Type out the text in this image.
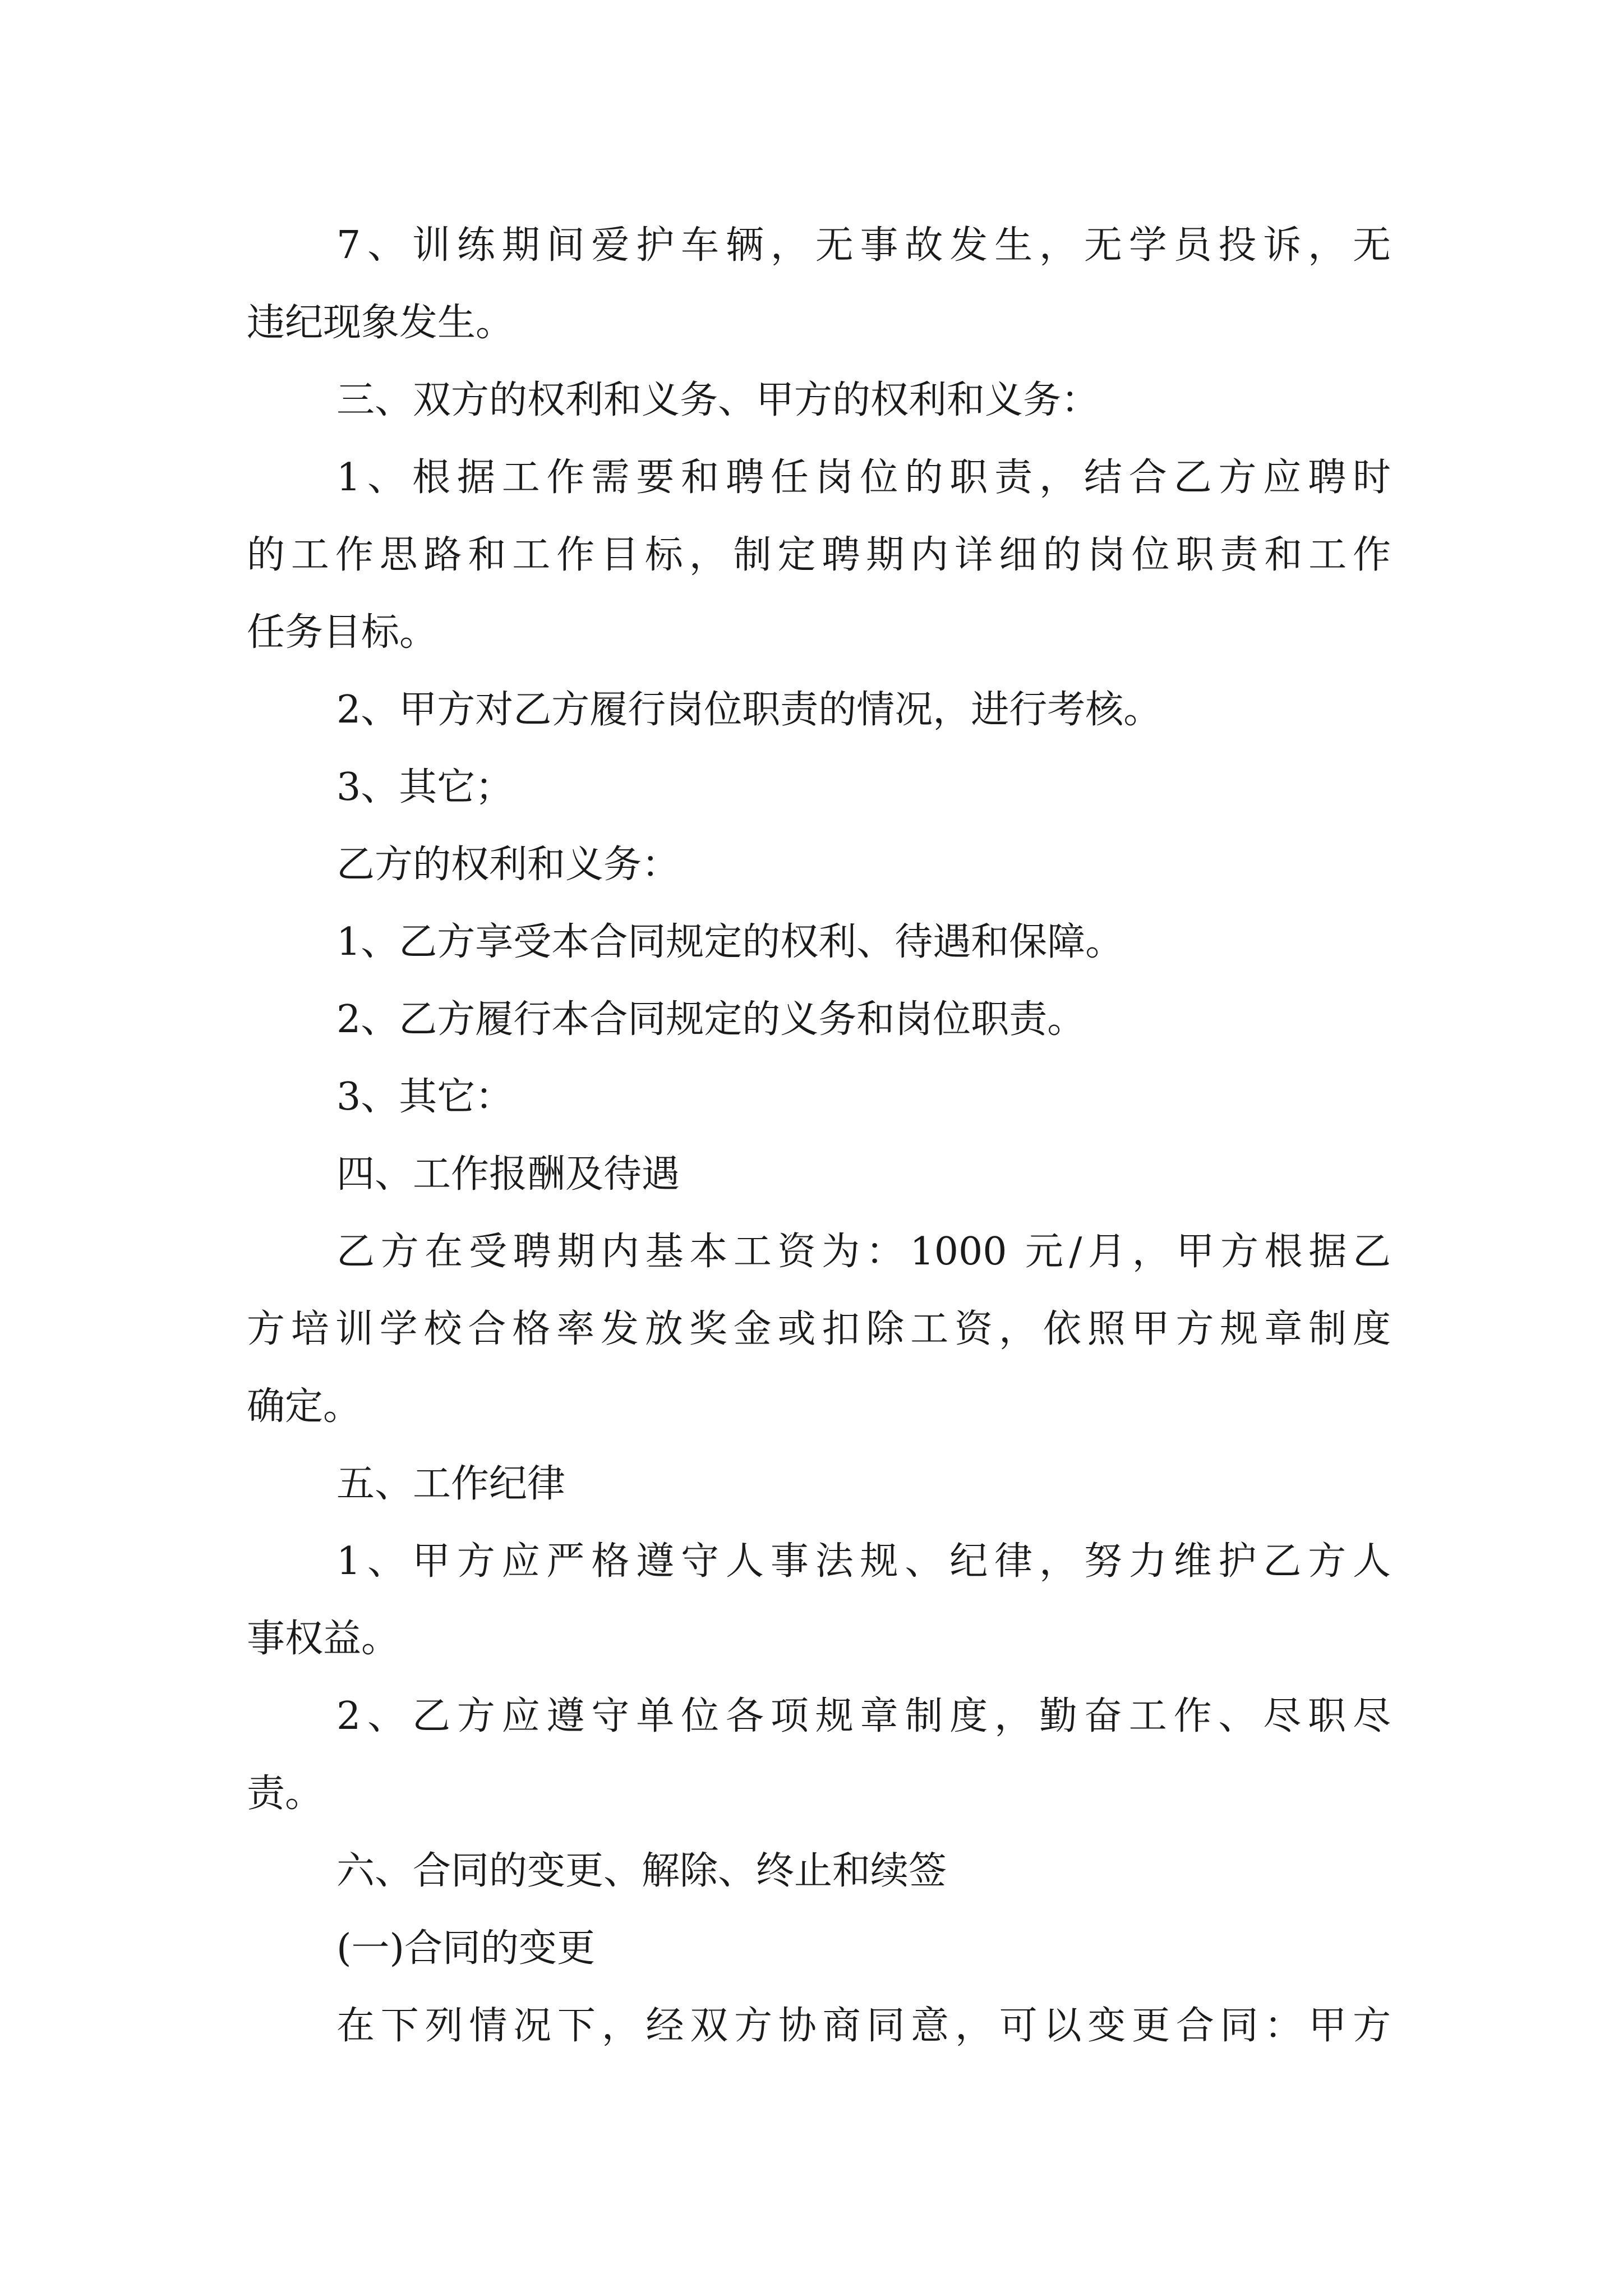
7、训练期间爱护车辆，无事故发生，无学员投诉，无
违纪现象发生。
三、双方的权利和义务、甲方的权利和义务：
1、根据工作需要和聘任岗位的职责，结合乙方应聘时
的工作思路和工作目标，制定聘期内详细的岗位职责和工作
任务目标。
2、甲方对乙方履行岗位职责的情况，进行考核。
3、其它；
乙方的权利和义务：
1、乙方享受本合同规定的权利、待遇和保障。
2、乙方履行本合同规定的义务和岗位职责。
3、其它：
四、工作报酬及待遇
乙方在受聘期内基本工资为：1000 元/月，甲方根据乙
方培训学校合格率发放奖金或扣除工资，依照甲方规章制度
确定。
五、工作纪律
1、甲方应严格遵守人事法规、纪律，努力维护乙方人
事权益。
2、乙方应遵守单位各项规章制度，勤奋工作、尽职尽
责。
六、合同的变更、解除、终止和续签
(一)合同的变更
在下列情况下，经双方协商同意，可以变更合同：甲方
